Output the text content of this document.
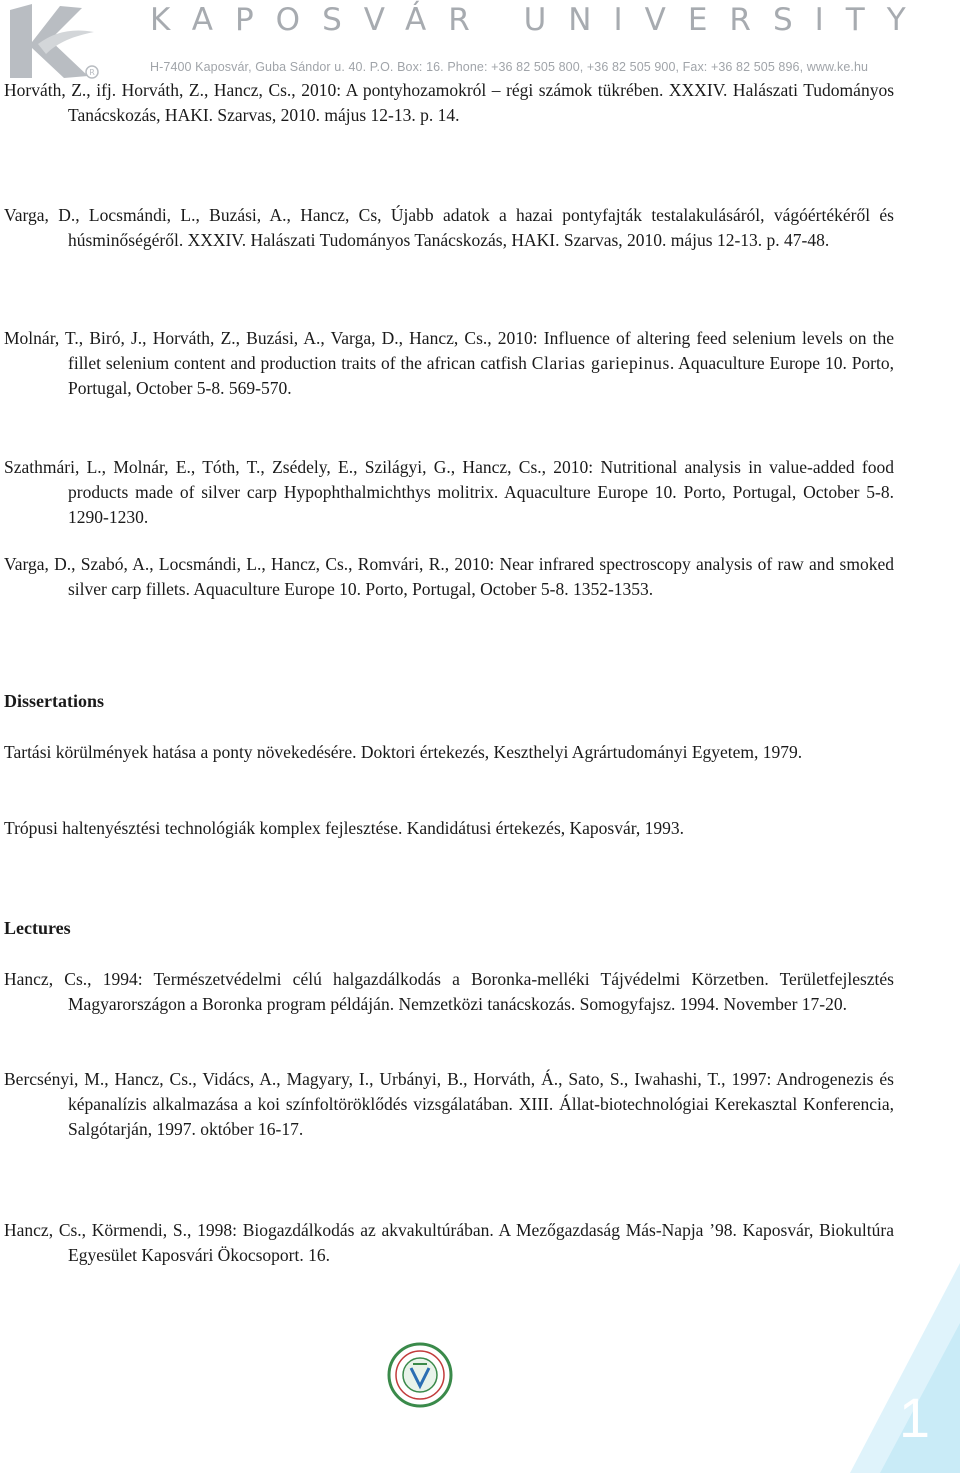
R
KAPOSVÁR UNIVERSITY
H-7400 Kaposvár, Guba Sándor u. 40. P.O. Box: 16. Phone: +36 82 505 800, +36 82 505 900, Fax: +36 82 505 896, www.ke.hu

Horváth, Z., ifj. Horváth, Z., Hancz, Cs., 2010: A pontyhozamokról – régi számok tükrében. XXXIV. Halászati Tudományos Tanácskozás, HAKI. Szarvas, 2010. május 12-13. p. 14.

Varga, D., Locsmándi, L., Buzási, A., Hancz, Cs, Újabb adatok a hazai pontyfajták testalakulásáról, vágóértékéről és húsminőségéről. XXXIV. Halászati Tudományos Tanácskozás, HAKI. Szarvas, 2010. május 12-13. p. 47-48.

Molnár, T., Biró, J., Horváth, Z., Buzási, A., Varga, D., Hancz, Cs., 2010: Influence of altering feed selenium levels on the fillet selenium content and production traits of the african catfish Clarias gariepinus. Aquaculture Europe 10. Porto, Portugal, October 5-8. 569-570.

Szathmári, L., Molnár, E., Tóth, T., Zsédely, E., Szilágyi, G., Hancz, Cs., 2010: Nutritional analysis in value-added food products made of silver carp Hypophthalmichthys molitrix. Aquaculture Europe 10. Porto, Portugal, October 5-8. 1290-1230.

Varga, D., Szabó, A., Locsmándi, L., Hancz, Cs., Romvári, R., 2010: Near infrared spectroscopy analysis of raw and smoked silver carp fillets. Aquaculture Europe 10. Porto, Portugal, October 5-8. 1352-1353.

Dissertations

Tartási körülmények hatása a ponty növekedésére. Doktori értekezés, Keszthelyi Agrártudományi Egyetem, 1979.

Trópusi haltenyésztési technológiák komplex fejlesztése. Kandidátusi értekezés, Kaposvár, 1993.

Lectures

Hancz, Cs., 1994: Természetvédelmi célú halgazdálkodás a Boronka-melléki Tájvédelmi Körzetben. Területfejlesztés Magyarországon a Boronka program példáján. Nemzetközi tanácskozás. Somogyfajsz. 1994. November 17-20.

Bercsényi, M., Hancz, Cs., Vidács, A., Magyary, I., Urbányi, B., Horváth, Á., Sato, S., Iwahashi, T., 1997: Androgenezis és képanalízis alkalmazása a koi színfoltöröklődés vizsgálatában. XIII. Állat-biotechnológiai Kerekasztal Konferencia, Salgótarján, 1997. október 16-17.

Hancz, Cs., Körmendi, S., 1998: Biogazdálkodás az akvakultúrában. A Mezőgazdaság Más-Napja ’98. Kaposvár, Biokultúra Egyesület Kaposvári Ökocsoport. 16.

1
